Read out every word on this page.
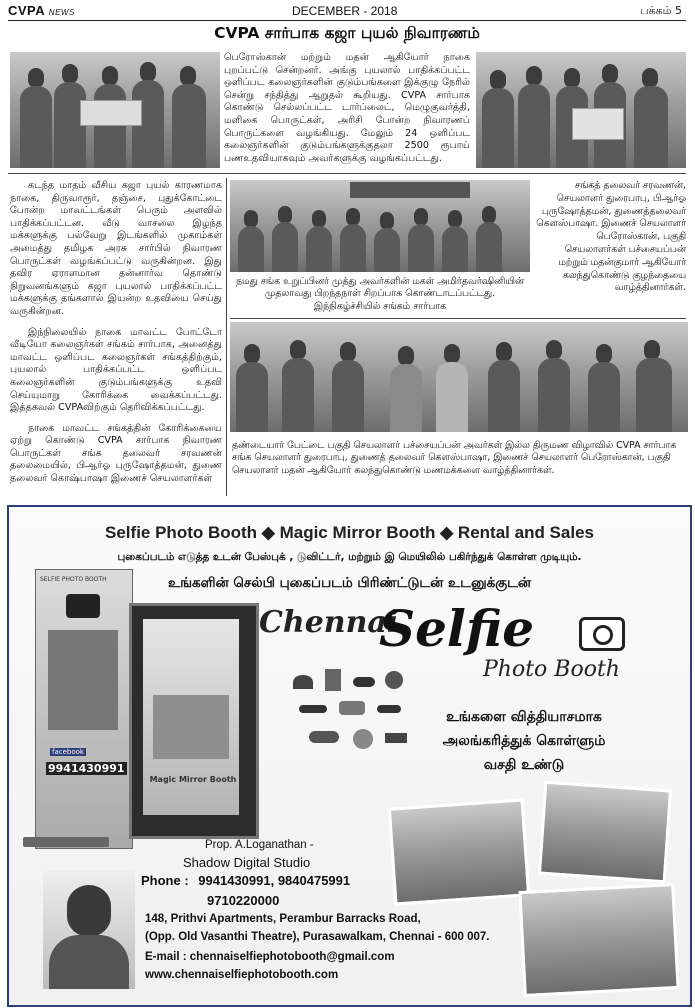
CVPA NEWS	DECEMBER - 2018	பக்கம் 5
CVPA சார்பாக கஜா புயல் நிவாரணம்
பெரோஸ்கான் மற்றும் மதன் ஆகியோர் நாகை புறப்பட்டு சென்றனர். அங்கு புயலால் பாதிக்கப்பட்ட ஒளிப்பட கலைஞர்களின் குடும்பங்களை இக்குழு நேரில் சென்று சந்தித்து ஆறுதல் கூறியது. CVPA சார்பாக கொண்டு செல்லப்பட்ட டார்ப்லைட், மெழுகுவர்த்தி, மளிகை பொருட்கள், அரிசி போன்ற நிவாரணப் பொருட்களை வழங்கியது. மேலும் 24 ஒளிப்பட கலைஞர்களின் குடும்பங்களுக்குதலா 2500 ரூபாய் பணஉதவியாகவும் அவர்களுக்கு வழங்கப்பட்டது.

கடந்த மாதம் வீசிய கஜா புயல் காரணமாக நாகை, திருவாரூர், தஞ்சை, புதுக்கோட்டை போன்ற மாவட்டங்கள் பெரும் அளவில் பாதிக்கப்பட்டன. வீடு வாசலை இழந்த மக்களுக்கு பல்வேறு இடங்களில் முகாம்கள் அமைத்து தமிழக அரசு சார்பில் நிவாரண பொருட்கள் வழங்கப்பட்டு வருகின்றன. இது தவிர ஏராளமான தன்னார்வ தொண்டு நிறுவனங்களும் கஜா புயலால் பாதிக்கப்பட்ட மக்களுக்கு தங்களால் இயன்ற உதவியை செய்து வருகின்றன.

இந்நிலையில் நாகை மாவட்ட போட்டோ வீடியோ கலைஞர்கள் சங்கம் சார்பாக, அனைத்து மாவட்ட ஒளிப்பட கலைஞர்கள் சங்கத்திற்கும், புயலால் பாதிக்கப்பட்ட ஒளிப்பட கலைஞர்களின் குடும்பங்களுக்கு உதவி செய்யுமாறு கோரிக்கை வைக்கப்பட்டது. இத்தகவல் CVPAவிற்கும் தெரிவிக்கப்பட்டது.

நாகை மாவட்ட சங்கத்தின் கோரிக்கையை ஏற்று கொண்டு CVPA சார்பாக நிவாரண பொருட்கள் சங்க தலைவர் சரவணன் தலைமையில், பிஆர்ஓ புருஷோத்தமன், துணை தலைவர் கொஷ்பாஷா இணைச் செயலாளர்கள்

நமது சங்க உறுப்பினர் முத்து அவர்களின் மகள் அமிர்தவர்ஷினியின் முதலாவது பிறந்தநாள் சிறப்பாக கொண்டாடப்பட்டது. இந்நிகழ்ச்சியில் சங்கம் சார்பாக
சங்கத் தலைவர் சரவணன், செயலாளர் துரைபாபு, பிஆர்ஓ புருஷோத்தமன், துணைத்தலைவர் கௌஸ்பாஷா. இணைச் செயலாளர் பெரோஸ்கான், பகுதி செயலாளர்கள் பச்சையப்பன் மற்றும் மதன்குமார் ஆகியோர் கலந்துகொண்டு குழந்தையை வாழ்த்தினார்கள்.
தண்டையார் பேட்டை பகுதி செயலாளர் பச்சையப்பன் அவர்கள் இல்ல திருமண விழாவில் CVPA சார்பாக சங்க செயலாளர் துரைபாபு, துணைத் தலைவர் கௌஸ்பாஷா, இணைச் செயலாளர் பெரோஸ்கான், பகுதி செயலாளர் மதன் ஆகியோர் கலந்துகொண்டு மணமக்களை வாழ்த்தினார்கள்.
Selfie Photo Booth ◆ Magic Mirror Booth ◆ Rental and Sales
புகைப்படம் எடுத்த உடன் பேஸ்புக் , டுவிட்டர், மற்றும் இ மெயிலில் பகிர்ந்துக் கொள்ள முடியும்.
உங்களின் செல்பி புகைப்படம் பிரிண்ட்டுடன் உடனுக்குடன்
SELFIE PHOTO BOOTH
facebook
9941430991
Magic Mirror Booth
Chennai
Selfie
Photo Booth
உங்களை வித்தியாசமாக அலங்கரித்துக் கொள்ளும் வசதி உண்டு
Prop. A.Loganathan -
Shadow Digital Studio
Phone : 9941430991, 9840475991
9710220000
148, Prithvi Apartments, Perambur Barracks Road,
(Opp. Old Vasanthi Theatre), Purasawalkam, Chennai - 600 007.
E-mail : chennaiselfiephotobooth@gmail.com
www.chennaiselfiephotobooth.com
